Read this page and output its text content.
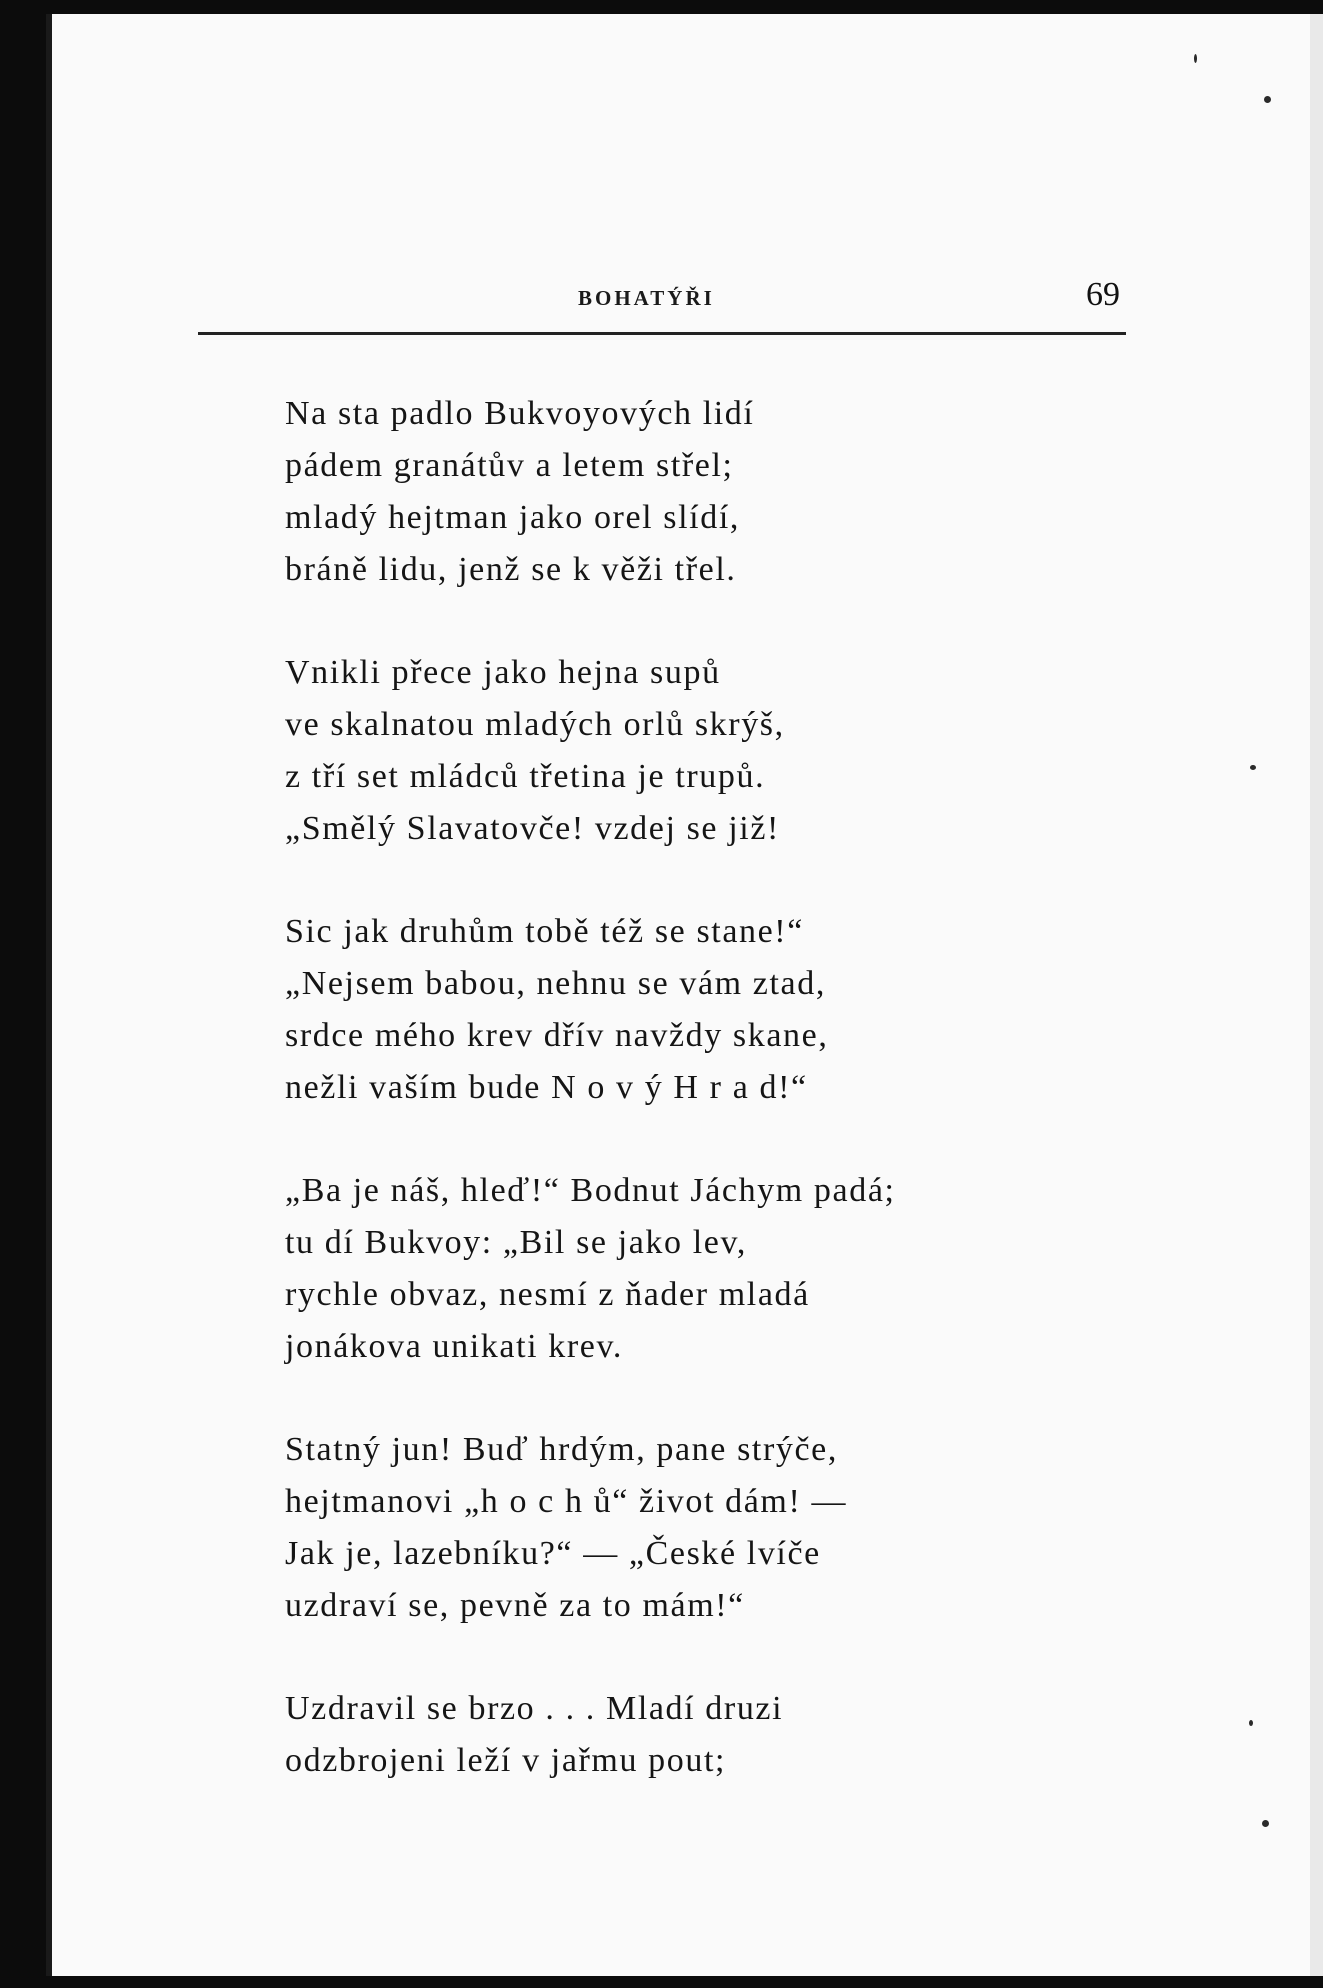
BOHATÝŘI	69
Na sta padlo Bukvoyových lidí
pádem granátův a letem střel;
mladý hejtman jako orel slídí,
bráně lidu, jenž se k věži třel.
Vnikli přece jako hejna supů
ve skalnatou mladých orlů skrýš,
z tří set mládců třetina je trupů.
„Smělý Slavatovče! vzdej se již!
Sic jak druhům tobě též se stane!“
„Nejsem babou, nehnu se vám ztad,
srdce mého krev dřív navždy skane,
nežli vaším bude N o v ý H r a d!“
„Ba je náš, hleď!“ Bodnut Jáchym padá;
tu dí Bukvoy: „Bil se jako lev,
rychle obvaz, nesmí z ňader mladá
jonákova unikati krev.
Statný jun! Buď hrdým, pane strýče,
hejtmanovi „h o c h ů“ život dám! —
Jak je, lazebníku?“ — „České lvíče
uzdraví se, pevně za to mám!“
Uzdravil se brzo . . . Mladí druzi
odzbrojeni leží v jařmu pout;
